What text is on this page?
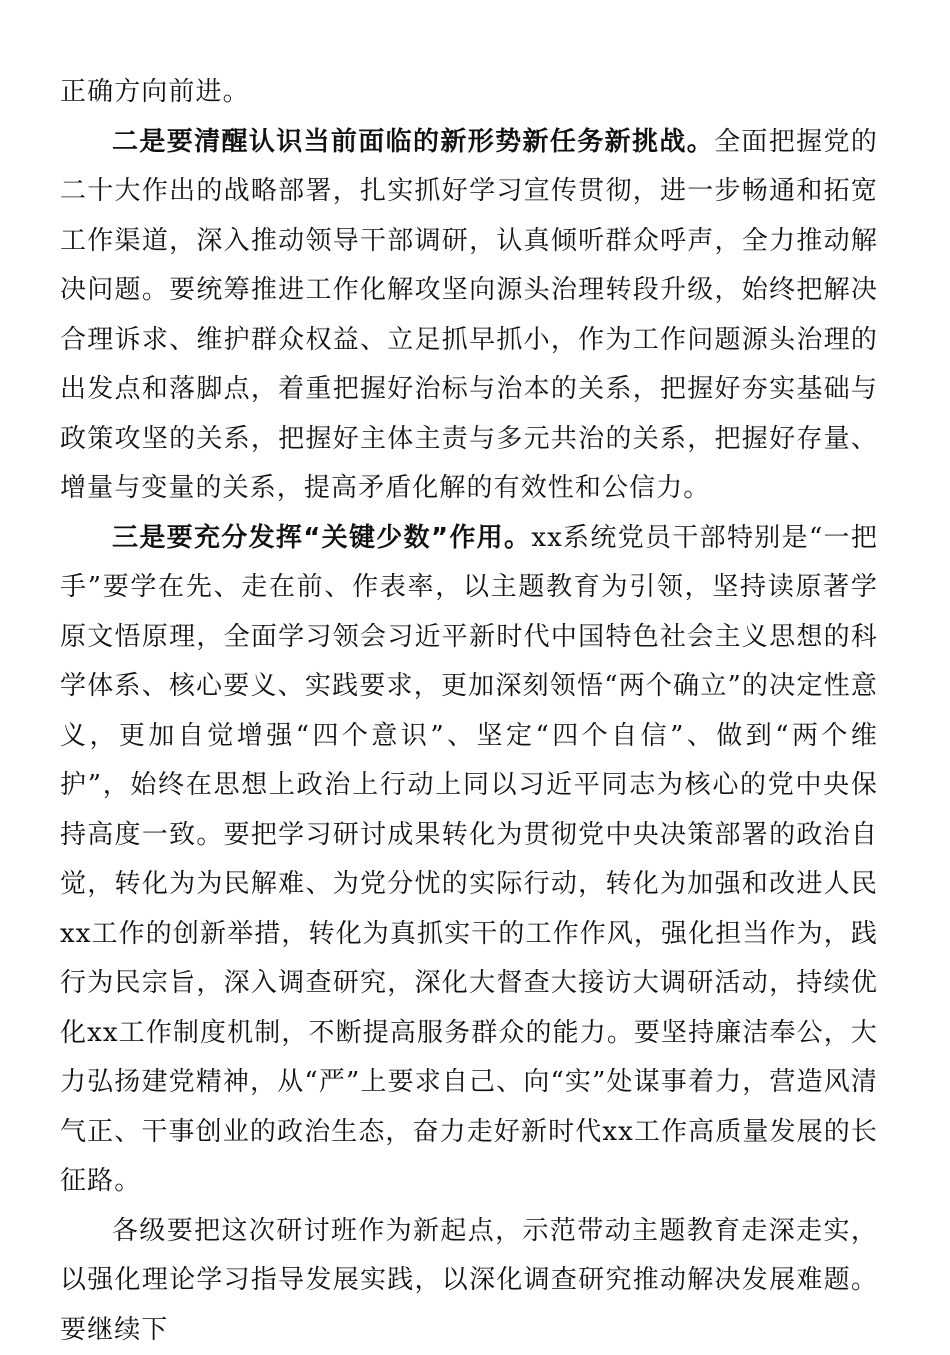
正确方向前进。

二是要清醒认识当前面临的新形势新任务新挑战。全面把握党的二十大作出的战略部署，扎实抓好学习宣传贯彻，进一步畅通和拓宽工作渠道，深入推动领导干部调研，认真倾听群众呼声，全力推动解决问题。要统筹推进工作化解攻坚向源头治理转段升级，始终把解决合理诉求、维护群众权益、立足抓早抓小，作为工作问题源头治理的出发点和落脚点，着重把握好治标与治本的关系，把握好夯实基础与政策攻坚的关系，把握好主体主责与多元共治的关系，把握好存量、增量与变量的关系，提高矛盾化解的有效性和公信力。

三是要充分发挥“关键少数”作用。xx系统党员干部特别是“一把手”要学在先、走在前、作表率，以主题教育为引领，坚持读原著学原文悟原理，全面学习领会习近平新时代中国特色社会主义思想的科学体系、核心要义、实践要求，更加深刻领悟“两个确立”的决定性意义，更加自觉增强“四个意识”、坚定“四个自信”、做到“两个维护”，始终在思想上政治上行动上同以习近平同志为核心的党中央保持高度一致。要把学习研讨成果转化为贯彻党中央决策部署的政治自觉，转化为为民解难、为党分忧的实际行动，转化为加强和改进人民xx工作的创新举措，转化为真抓实干的工作作风，强化担当作为，践行为民宗旨，深入调查研究，深化大督查大接访大调研活动，持续优化xx工作制度机制，不断提高服务群众的能力。要坚持廉洁奉公，大力弘扬建党精神，从“严”上要求自己、向“实”处谋事着力，营造风清气正、干事创业的政治生态，奋力走好新时代xx工作高质量发展的长征路。

各级要把这次研讨班作为新起点，示范带动主题教育走深走实，以强化理论学习指导发展实践，以深化调查研究推动解决发展难题。要继续下
